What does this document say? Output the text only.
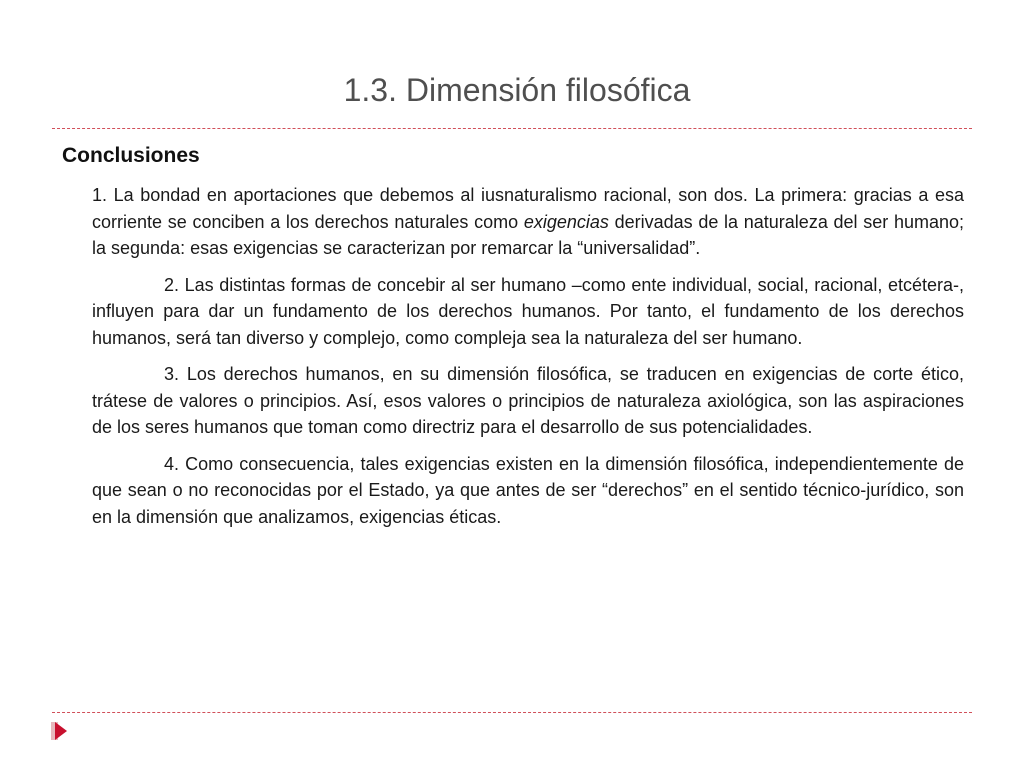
1.3. Dimensión filosófica
Conclusiones

1. La bondad en aportaciones que debemos al iusnaturalismo racional, son dos. La primera: gracias a esa corriente se conciben a los derechos naturales como exigencias derivadas de la naturaleza del ser humano; la segunda: esas exigencias se caracterizan por remarcar la “universalidad”.

2. Las distintas formas de concebir al ser humano –como ente individual, social, racional, etcétera-, influyen para dar un fundamento de los derechos humanos. Por tanto, el fundamento de los derechos humanos, será tan diverso y complejo, como compleja sea la naturaleza del ser humano.

3. Los derechos humanos, en su dimensión filosófica, se traducen en exigencias de corte ético, trátese de valores o principios. Así, esos valores o principios de naturaleza axiológica, son las aspiraciones de los seres humanos que toman como directriz para el desarrollo de sus potencialidades.

4. Como consecuencia, tales exigencias existen en la dimensión filosófica, independientemente de que sean o no reconocidas por el Estado, ya que antes de ser “derechos” en el sentido técnico-jurídico, son en la dimensión que analizamos, exigencias éticas.
